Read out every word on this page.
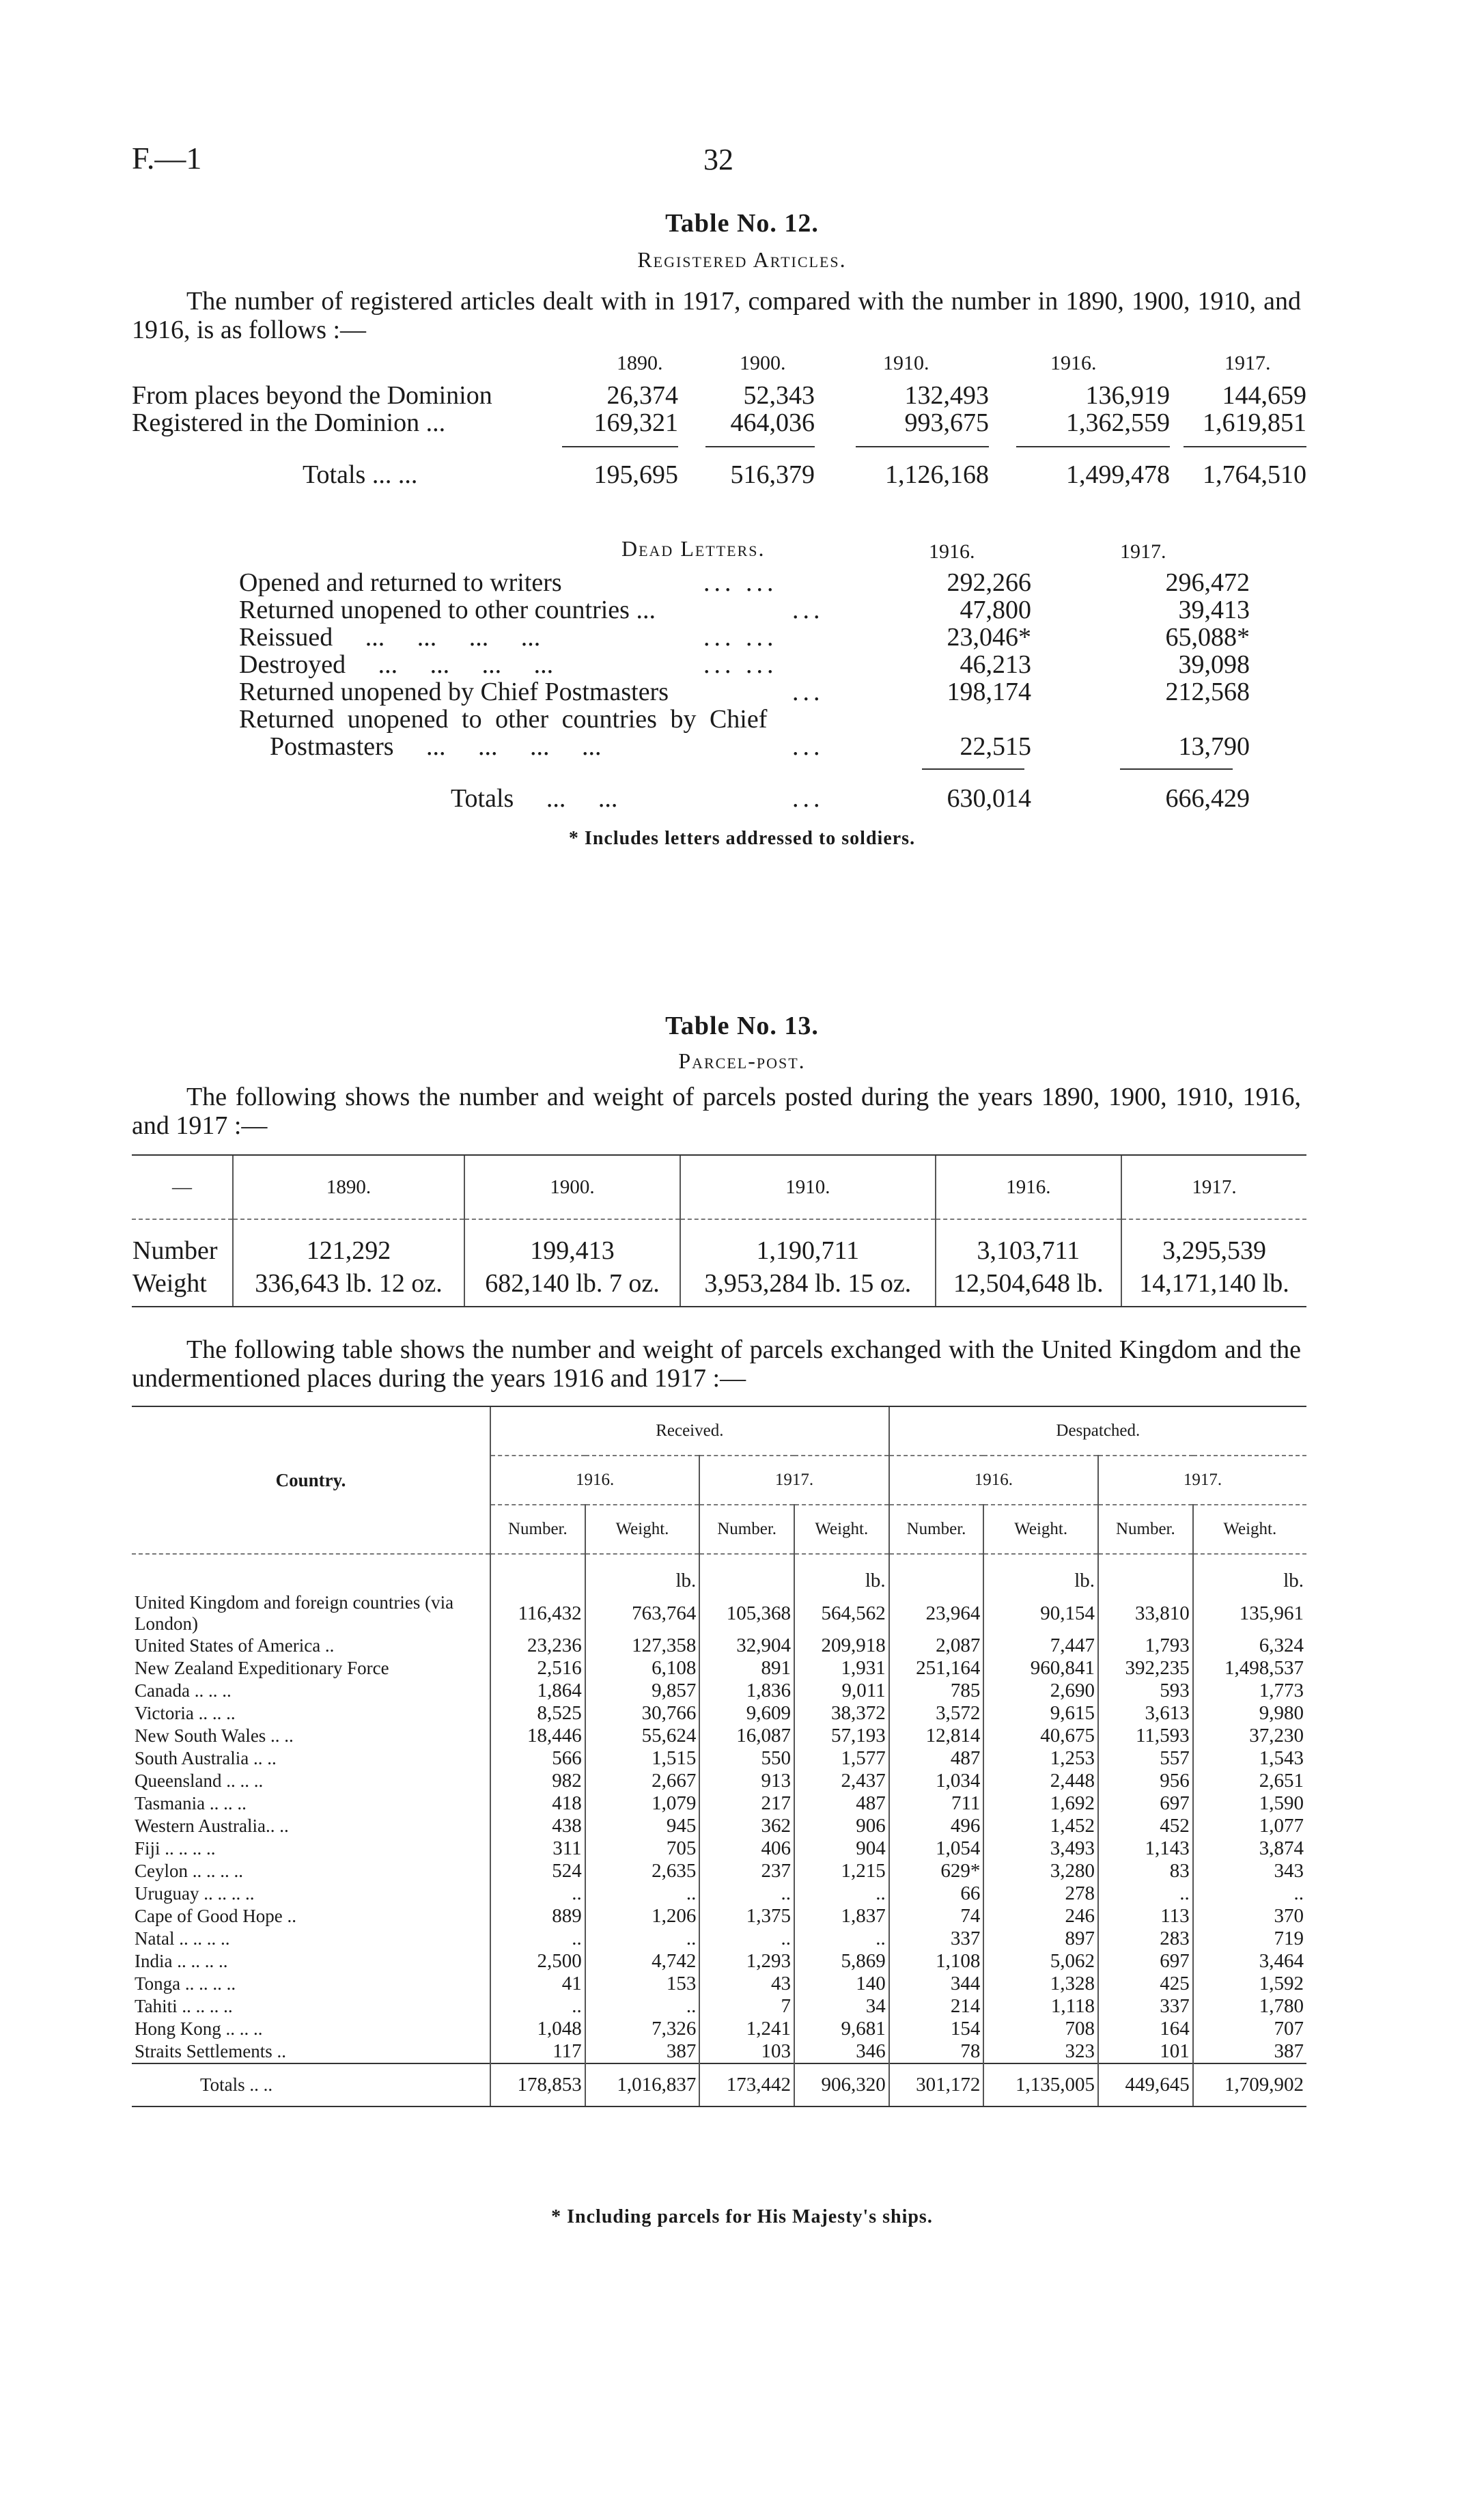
F.—1	32
Table No. 12.
Registered Articles.

The number of registered articles dealt with in 1917, compared with the number in 1890, 1900, 1910, and 1916, is as follows :—

1890.	1900.	1910.	1916.	1917.
From places beyond the Dominion	26,374	52,343	132,493	136,919	144,659
Registered in the Dominion ...	169,321	464,036	993,675	1,362,559	1,619,851
Totals ... ...	195,695	516,379	1,126,168	1,499,478	1,764,510
Dead Letters.	1916.	1917.
Opened and returned to writers	... ...	292,266	296,472
Returned unopened to other countries ...	...	47,800	39,413
Reissued ... ... ... ...	... ...	23,046*	65,088*
Destroyed ... ... ... ...	... ...	46,213	39,098
Returned unopened by Chief Postmasters	...	198,174	212,568
Returned unopened to other countries by Chief
Postmasters ... ... ... ...	...	22,515	13,790
Totals ... ...	...	630,014	666,429
* Includes letters addressed to soldiers.
Table No. 13.
Parcel-post.

The following shows the number and weight of parcels posted during the years 1890, 1900, 1910, 1916, and 1917 :—

—	1890.	1900.	1910.	1916.	1917.
Number	121,292	199,413	1,190,711	3,103,711	3,295,539
Weight	336,643 lb. 12 oz.	682,140 lb. 7 oz.	3,953,284 lb. 15 oz.	12,504,648 lb.	14,171,140 lb.

The following table shows the number and weight of parcels exchanged with the United Kingdom and the undermentioned places during the years 1916 and 1917 :—

Country.	Received.				Despatched.			
	1916.		1917.		1916.		1917.	
	Number.	Weight.	Number.	Weight.	Number.	Weight.	Number.	Weight.
		lb.		lb.		lb.		lb.
United Kingdom and foreign countries (via London)	116,432	763,764	105,368	564,562	23,964	90,154	33,810	135,961
United States of America ..	23,236	127,358	32,904	209,918	2,087	7,447	1,793	6,324
New Zealand Expeditionary Force	2,516	6,108	891	1,931	251,164	960,841	392,235	1,498,537
Canada .. .. ..	1,864	9,857	1,836	9,011	785	2,690	593	1,773
Victoria .. .. ..	8,525	30,766	9,609	38,372	3,572	9,615	3,613	9,980
New South Wales .. ..	18,446	55,624	16,087	57,193	12,814	40,675	11,593	37,230
South Australia .. ..	566	1,515	550	1,577	487	1,253	557	1,543
Queensland .. .. ..	982	2,667	913	2,437	1,034	2,448	956	2,651
Tasmania .. .. ..	418	1,079	217	487	711	1,692	697	1,590
Western Australia.. ..	438	945	362	906	496	1,452	452	1,077
Fiji .. .. .. ..	311	705	406	904	1,054	3,493	1,143	3,874
Ceylon .. .. .. ..	524	2,635	237	1,215	629*	3,280	83	343
Uruguay .. .. .. ..	..	..	..	..	66	278	..	..
Cape of Good Hope ..	889	1,206	1,375	1,837	74	246	113	370
Natal .. .. .. ..	..	..	..	..	337	897	283	719
India .. .. .. ..	2,500	4,742	1,293	5,869	1,108	5,062	697	3,464
Tonga .. .. .. ..	41	153	43	140	344	1,328	425	1,592
Tahiti .. .. .. ..	..	..	7	34	214	1,118	337	1,780
Hong Kong .. .. ..	1,048	7,326	1,241	9,681	154	708	164	707
Straits Settlements ..	117	387	103	346	78	323	101	387
Totals .. ..	178,853	1,016,837	173,442	906,320	301,172	1,135,005	449,645	1,709,902
* Including parcels for His Majesty's ships.
